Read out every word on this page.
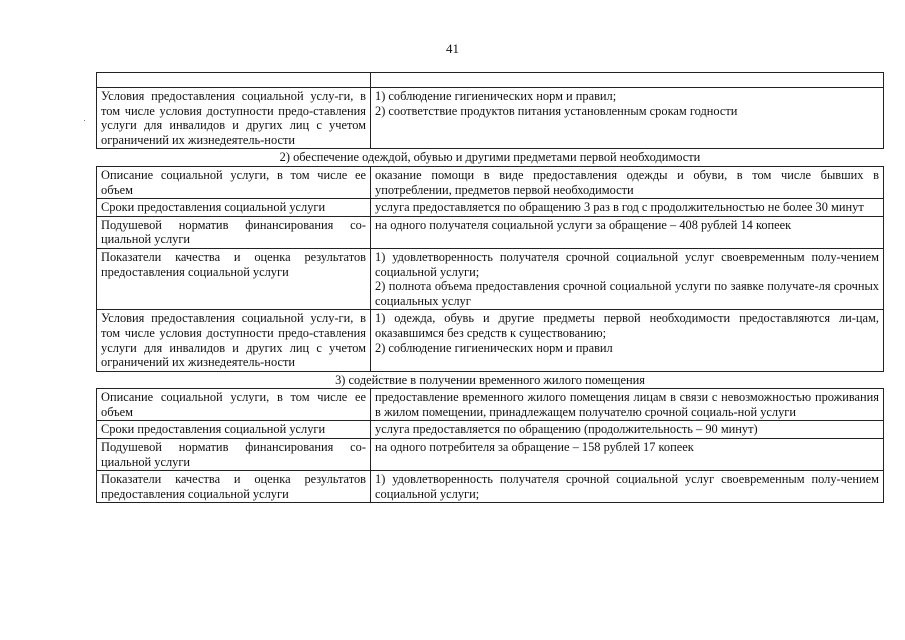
41

Условия предоставления социальной услу-ги, в том числе условия доступности предо-ставления услуги для инвалидов и других лиц с учетом ограничений их жизнедеятель-ности	1) соблюдение гигиенических норм и правил;
2) соответствие продуктов питания установленным срокам годности

2) обеспечение одеждой, обувью и другими предметами первой необходимости	
Описание социальной услуги, в том числе ее объем	оказание помощи в виде предоставления одежды и обуви, в том числе бывших в употреблении, предметов первой необходимости

Сроки предоставления социальной услуги	услуга предоставляется по обращению 3 раз в год с продолжительностью не более 30 минут

Подушевой норматив финансирования со-циальной услуги	на одного получателя социальной услуги за обращение – 408 рублей 14 копеек

Показатели качества и оценка результатов предоставления социальной услуги	1) удовлетворенность получателя срочной социальной услуг своевременным полу-чением социальной услуги;
2) полнота объема предоставления срочной социальной услуги по заявке получате-ля срочных социальных услуг

Условия предоставления социальной услу-ги, в том числе условия доступности предо-ставления услуги для инвалидов и других лиц с учетом ограничений их жизнедеятель-ности	1) одежда, обувь и другие предметы первой необходимости предоставляются ли-цам, оказавшимся без средств к существованию;
2) соблюдение гигиенических норм и правил

3) содействие в получении временного жилого помещения	
Описание социальной услуги, в том числе ее объем	предоставление временного жилого помещения лицам в связи с невозможностью проживания в жилом помещении, принадлежащем получателю срочной социаль-ной услуги

Сроки предоставления социальной услуги	услуга предоставляется по обращению (продолжительность – 90 минут)

Подушевой норматив финансирования со-циальной услуги	на одного потребителя за обращение – 158 рублей 17 копеек

Показатели качества и оценка результатов предоставления социальной услуги	1) удовлетворенность получателя срочной социальной услуг своевременным полу-чением социальной услуги;
